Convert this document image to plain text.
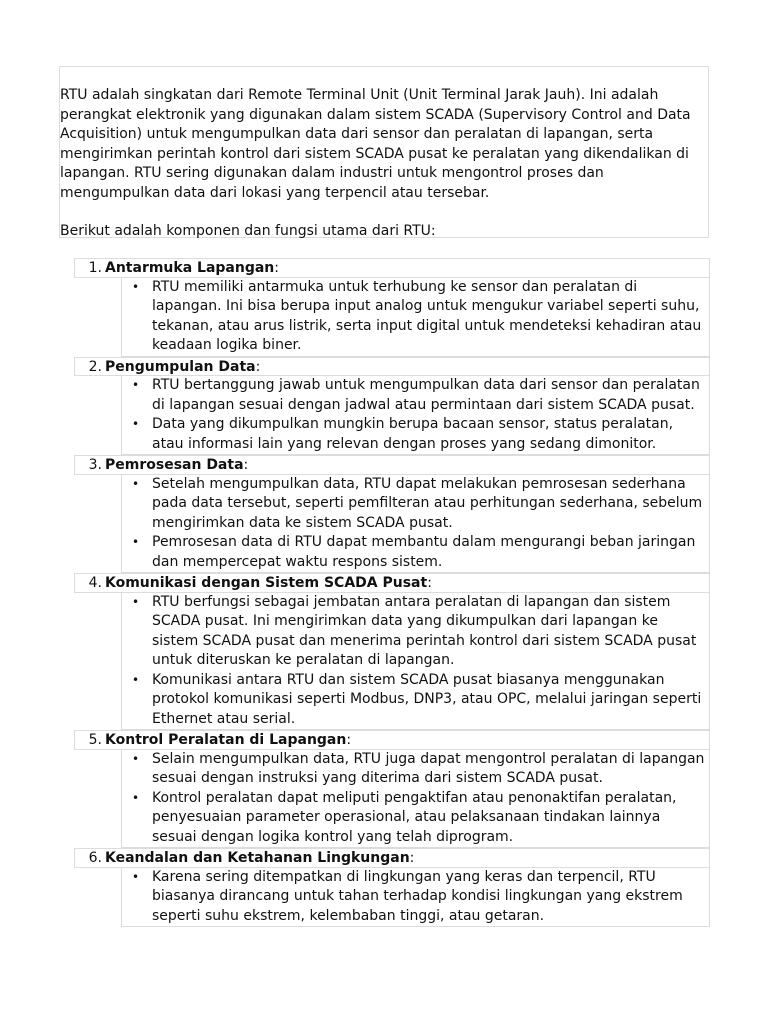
RTU adalah singkatan dari Remote Terminal Unit (Unit Terminal Jarak Jauh). Ini adalah perangkat elektronik yang digunakan dalam sistem SCADA (Supervisory Control and Data Acquisition) untuk mengumpulkan data dari sensor dan peralatan di lapangan, serta mengirimkan perintah kontrol dari sistem SCADA pusat ke peralatan yang dikendalikan di lapangan. RTU sering digunakan dalam industri untuk mengontrol proses dan mengumpulkan data dari lokasi yang terpencil atau tersebar.

Berikut adalah komponen dan fungsi utama dari RTU:

1. Antarmuka Lapangan:
• RTU memiliki antarmuka untuk terhubung ke sensor dan peralatan di lapangan. Ini bisa berupa input analog untuk mengukur variabel seperti suhu, tekanan, atau arus listrik, serta input digital untuk mendeteksi kehadiran atau keadaan logika biner.
2. Pengumpulan Data:
• RTU bertanggung jawab untuk mengumpulkan data dari sensor dan peralatan di lapangan sesuai dengan jadwal atau permintaan dari sistem SCADA pusat.
• Data yang dikumpulkan mungkin berupa bacaan sensor, status peralatan, atau informasi lain yang relevan dengan proses yang sedang dimonitor.
3. Pemrosesan Data:
• Setelah mengumpulkan data, RTU dapat melakukan pemrosesan sederhana pada data tersebut, seperti pemfilteran atau perhitungan sederhana, sebelum mengirimkan data ke sistem SCADA pusat.
• Pemrosesan data di RTU dapat membantu dalam mengurangi beban jaringan dan mempercepat waktu respons sistem.
4. Komunikasi dengan Sistem SCADA Pusat:
• RTU berfungsi sebagai jembatan antara peralatan di lapangan dan sistem SCADA pusat. Ini mengirimkan data yang dikumpulkan dari lapangan ke sistem SCADA pusat dan menerima perintah kontrol dari sistem SCADA pusat untuk diteruskan ke peralatan di lapangan.
• Komunikasi antara RTU dan sistem SCADA pusat biasanya menggunakan protokol komunikasi seperti Modbus, DNP3, atau OPC, melalui jaringan seperti Ethernet atau serial.
5. Kontrol Peralatan di Lapangan:
• Selain mengumpulkan data, RTU juga dapat mengontrol peralatan di lapangan sesuai dengan instruksi yang diterima dari sistem SCADA pusat.
• Kontrol peralatan dapat meliputi pengaktifan atau penonaktifan peralatan, penyesuaian parameter operasional, atau pelaksanaan tindakan lainnya sesuai dengan logika kontrol yang telah diprogram.
6. Keandalan dan Ketahanan Lingkungan:
• Karena sering ditempatkan di lingkungan yang keras dan terpencil, RTU biasanya dirancang untuk tahan terhadap kondisi lingkungan yang ekstrem seperti suhu ekstrem, kelembaban tinggi, atau getaran.
